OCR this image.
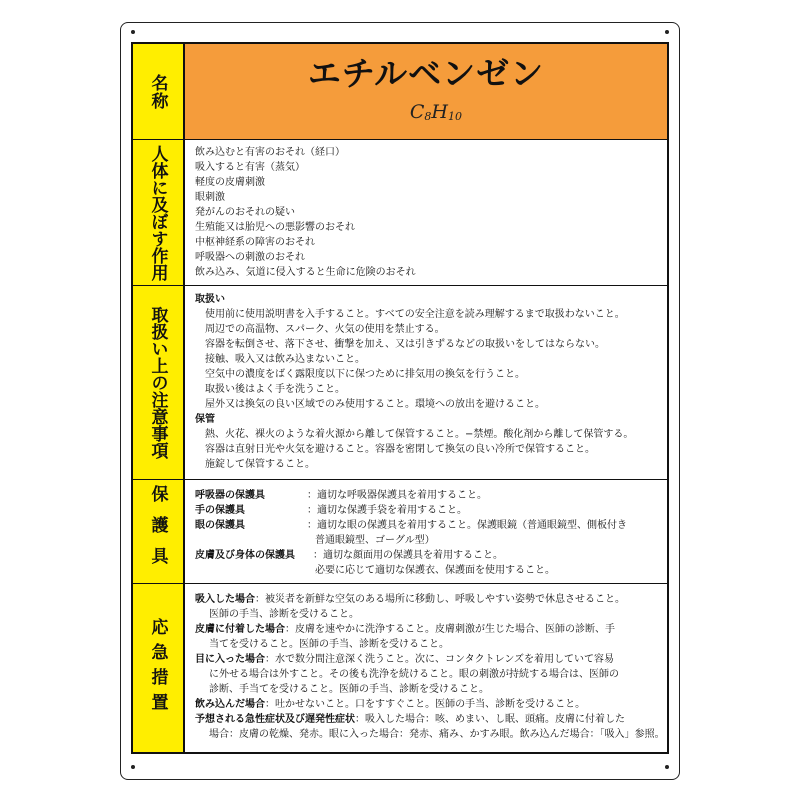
名称	エチルベンゼン
$C_8H_{10}$
人体に及ぼす作用	飲み込むと有害のおそれ（経口）
吸入すると有害（蒸気）
軽度の皮膚刺激
眼刺激
発がんのおそれの疑い
生殖能又は胎児への悪影響のおそれ
中枢神経系の障害のおそれ
呼吸器への刺激のおそれ
飲み込み、気道に侵入すると生命に危険のおそれ
取扱い上の注意事項
取扱い
使用前に使用説明書を入手すること。すべての安全注意を読み理解するまで取扱わないこと。
周辺での高温物、スパーク、火気の使用を禁止する。
容器を転倒させ、落下させ、衝撃を加え、又は引きずるなどの取扱いをしてはならない。
接触、吸入又は飲み込まないこと。
空気中の濃度をばく露限度以下に保つために排気用の換気を行うこと。
取扱い後はよく手を洗うこと。
屋外又は換気の良い区域でのみ使用すること。環境への放出を避けること。
保管
熱、火花、裸火のような着火源から離して保管すること。−禁煙。酸化剤から離して保管する。
容器は直射日光や火気を避けること。容器を密閉して換気の良い冷所で保管すること。
施錠して保管すること。
保護具	呼吸器の保護具	：適切な呼吸器保護具を着用すること。
手の保護具	：適切な保護手袋を着用すること。
眼の保護具	：適切な眼の保護具を着用すること。保護眼鏡（普通眼鏡型、側板付き
普通眼鏡型、ゴーグル型）
皮膚及び身体の保護具	：適切な顔面用の保護具を着用すること。
必要に応じて適切な保護衣、保護面を使用すること。
応急措置
吸入した場合：被災者を新鮮な空気のある場所に移動し、呼吸しやすい姿勢で休息させること。
医師の手当、診断を受けること。
皮膚に付着した場合：皮膚を速やかに洗浄すること。皮膚刺激が生じた場合、医師の診断、手
当てを受けること。医師の手当、診断を受けること。
目に入った場合：水で数分間注意深く洗うこと。次に、コンタクトレンズを着用していて容易
に外せる場合は外すこと。その後も洗浄を続けること。眼の刺激が持続する場合は、医師の
診断、手当てを受けること。医師の手当、診断を受けること。
飲み込んだ場合：吐かせないこと。口をすすぐこと。医師の手当、診断を受けること。
予想される急性症状及び遅発性症状：吸入した場合：咳、めまい、し眠、頭痛。皮膚に付着した
場合：皮膚の乾燥、発赤。眼に入った場合：発赤、痛み、かすみ眼。飲み込んだ場合：「吸入」参照。
